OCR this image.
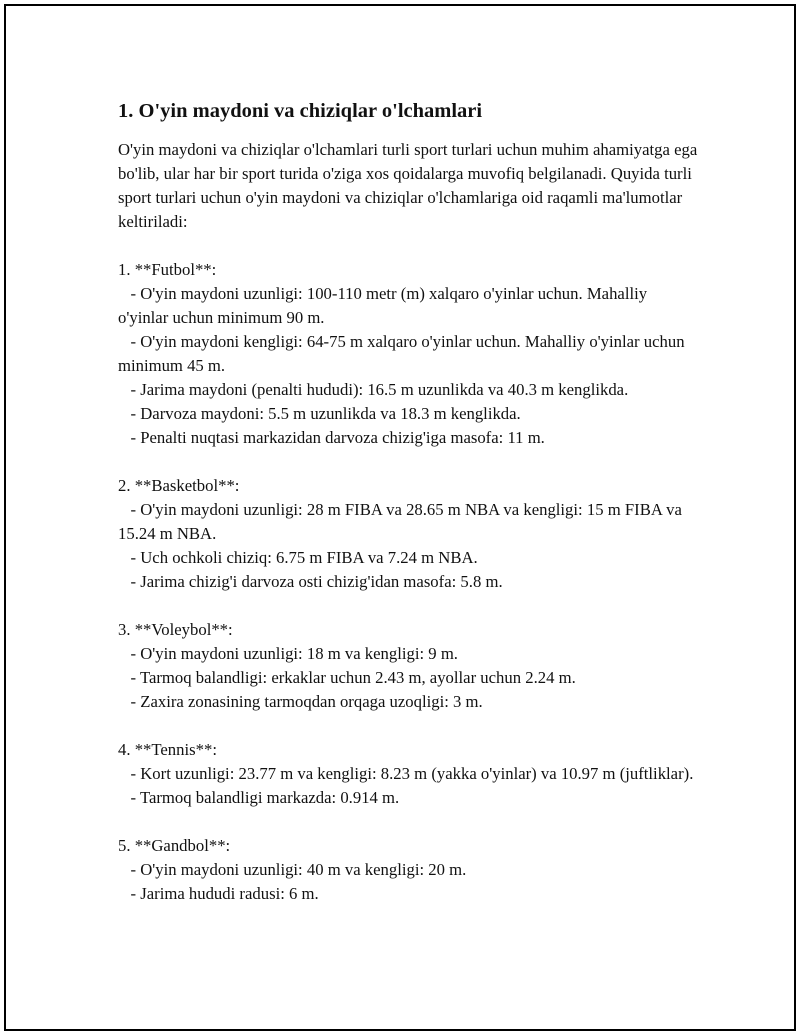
1. O'yin maydoni va chiziqlar o'lchamlari

O'yin maydoni va chiziqlar o'lchamlari turli sport turlari uchun muhim ahamiyatga ega bo'lib, ular har bir sport turida o'ziga xos qoidalarga muvofiq belgilanadi. Quyida turli sport turlari uchun o'yin maydoni va chiziqlar o'lchamlariga oid raqamli ma'lumotlar keltiriladi:

1. **Futbol**:

- O'yin maydoni uzunligi: 100-110 metr (m) xalqaro o'yinlar uchun. Mahalliy o'yinlar uchun minimum 90 m.

- O'yin maydoni kengligi: 64-75 m xalqaro o'yinlar uchun. Mahalliy o'yinlar uchun minimum 45 m.

- Jarima maydoni (penalti hududi): 16.5 m uzunlikda va 40.3 m kenglikda.

- Darvoza maydoni: 5.5 m uzunlikda va 18.3 m kenglikda.

- Penalti nuqtasi markazidan darvoza chizig'iga masofa: 11 m.

2. **Basketbol**:

- O'yin maydoni uzunligi: 28 m FIBA va 28.65 m NBA va kengligi: 15 m FIBA va 15.24 m NBA.

- Uch ochkoli chiziq: 6.75 m FIBA va 7.24 m NBA.

- Jarima chizig'i darvoza osti chizig'idan masofa: 5.8 m.

3. **Voleybol**:

- O'yin maydoni uzunligi: 18 m va kengligi: 9 m.

- Tarmoq balandligi: erkaklar uchun 2.43 m, ayollar uchun 2.24 m.

- Zaxira zonasining tarmoqdan orqaga uzoqligi: 3 m.

4. **Tennis**:

- Kort uzunligi: 23.77 m va kengligi: 8.23 m (yakka o'yinlar) va 10.97 m (juftliklar).

- Tarmoq balandligi markazda: 0.914 m.

5. **Gandbol**:

- O'yin maydoni uzunligi: 40 m va kengligi: 20 m.

- Jarima hududi radusi: 6 m.
